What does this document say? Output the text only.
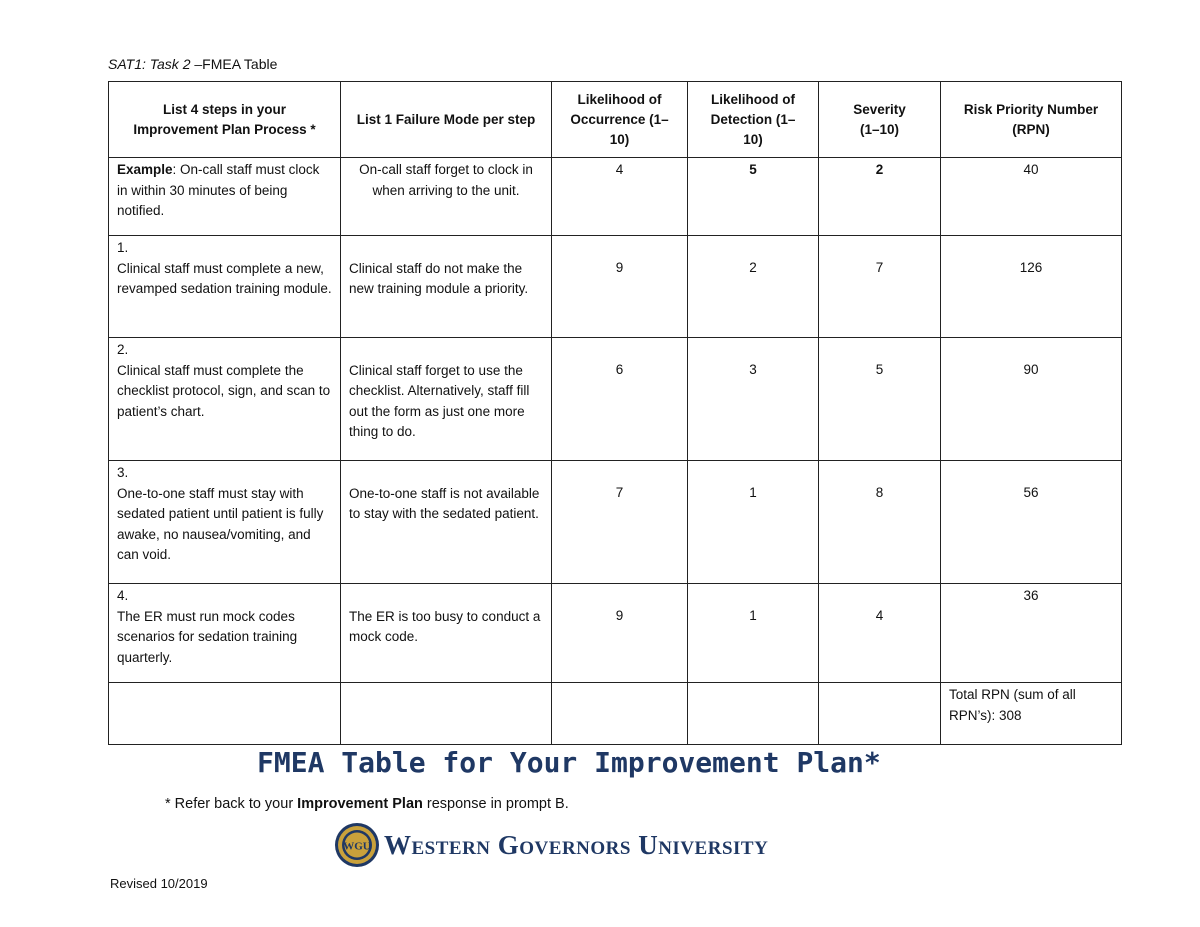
SAT1: Task 2 –FMEA Table
List 4 steps in your Improvement Plan Process *	List 1 Failure Mode per step	Likelihood of Occurrence (1–10)	Likelihood of Detection (1–10)	Severity (1–10)	Risk Priority Number (RPN)
Example: On-call staff must clock in within 30 minutes of being notified.	On-call staff forget to clock in when arriving to the unit.	4	5	2	40

1.
Clinical staff must complete a new, revamped sedation training module.	Clinical staff do not make the new training module a priority.	9	2	7	126

2.
Clinical staff must complete the checklist protocol, sign, and scan to patient’s chart.	Clinical staff forget to use the checklist. Alternatively, staff fill out the form as just one more thing to do.	6	3	5	90

3.
One-to-one staff must stay with sedated patient until patient is fully awake, no nausea/vomiting, and can void.	One-to-one staff is not available to stay with the sedated patient.	7	1	8	56

4.
The ER must run mock codes scenarios for sedation training quarterly.	The ER is too busy to conduct a mock code.	9	1	4	36
					Total RPN (sum of all RPN’s): 308
FMEA Table for Your Improvement Plan*
* Refer back to your Improvement Plan response in prompt B.
WGU Western Governors University
Revised 10/2019
